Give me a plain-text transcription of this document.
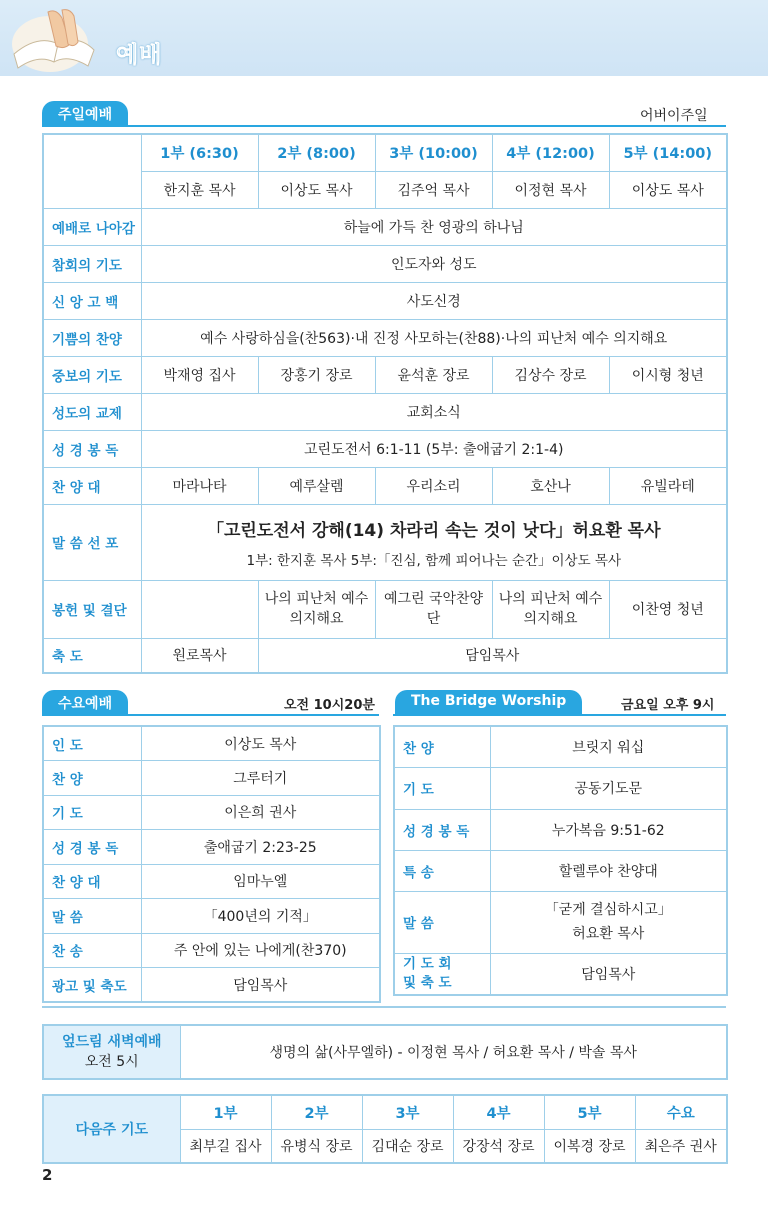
예배
주일예배	어버이주일
	1부 (6:30)	2부 (8:00)	3부 (10:00)	4부 (12:00)	5부 (14:00)
	한지훈 목사	이상도 목사	김주억 목사	이정현 목사	이상도 목사
예배로 나아감	하늘에 가득 찬 영광의 하나님				
참회의 기도	인도자와 성도				
신 앙 고 백	사도신경				
기쁨의 찬양	예수 사랑하심을(찬563)·내 진정 사모하는(찬88)·나의 피난처 예수 의지해요				
중보의 기도	박재영 집사	장홍기 장로	윤석훈 장로	김상수 장로	이시형 청년
성도의 교제	교회소식				
성 경 봉 독	고린도전서 6:1-11 (5부: 출애굽기 2:1-4)				
찬 양 대	마라나타	예루살렘	우리소리	호산나	유빌라테
말 씀 선 포	「고린도전서 강해(14) 차라리 속는 것이 낫다」허요환 목사
1부: 한지훈 목사 5부:「진심, 함께 피어나는 순간」이상도 목사				

봉헌 및 결단		나의 피난처 예수 의지해요	예그린 국악찬양단	나의 피난처 예수 의지해요	이찬영 청년
축 도	원로목사	담임목사			
수요예배	오전 10시20분
인 도	이상도 목사
찬 양	그루터기
기 도	이은희 권사
성 경 봉 독	출애굽기 2:23-25
찬 양 대	임마누엘
말 씀	「400년의 기적」
찬 송	주 안에 있는 나에게(찬370)
광고 및 축도	담임목사
The Bridge Worship	금요일 오후 9시
찬 양	브릿지 워십
기 도	공동기도문
성 경 봉 독	누가복음 9:51-62
특 송	할렐루야 찬양대
말 씀	「굳게 결심하시고」
허요환 목사

기 도 회
및 축 도	담임목사
엎드림 새벽예배
오전 5시
	생명의 삶(사무엘하) - 이정현 목사 / 허요환 목사 / 박솔 목사
다음주 기도	1부	2부	3부	4부	5부	수요
	최부길 집사	유병식 장로	김대순 장로	강장석 장로	이복경 장로	최은주 권사
2
